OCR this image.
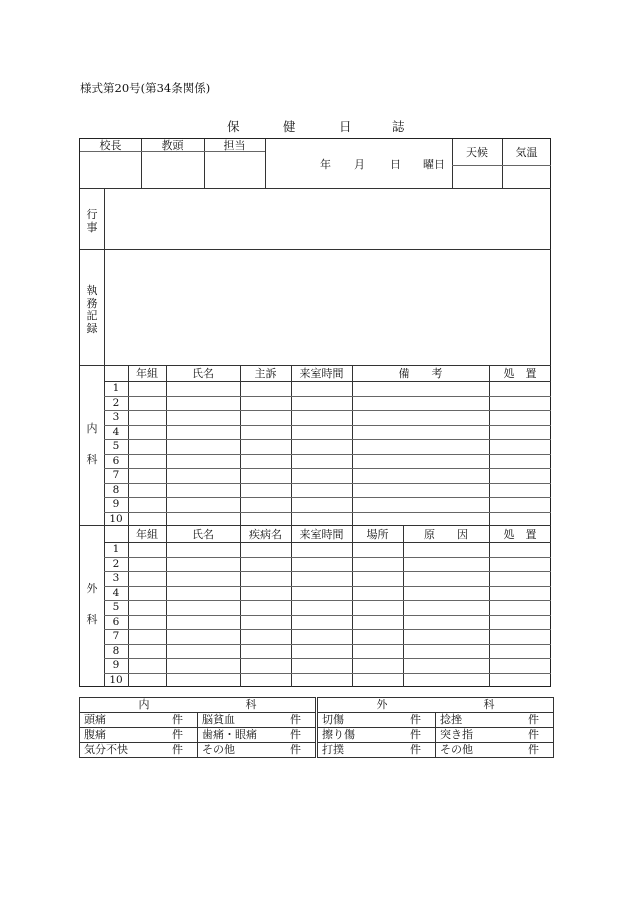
様式第20号(第34条関係)
保	健	日	誌
校長	教頭	担当
年 月 日 曜日
天候	気温
行
事
執
務
記
録
内
科
年組	氏名	主訴	来室時間	備　　考	処　置
1
2
3
4
5
6
7
8
9
10
外
科
年組	氏名	疾病名	来室時間	場所	原　　因	処　置
1
2
3
4
5
6
7
8
9
10
内 科		外 科	
頭痛 件	脳貧血 件	切傷 件	捻挫 件

腹痛 件	歯痛・眼痛 件	擦り傷 件	突き指 件

気分不快 件	その他 件	打撲 件	その他 件
